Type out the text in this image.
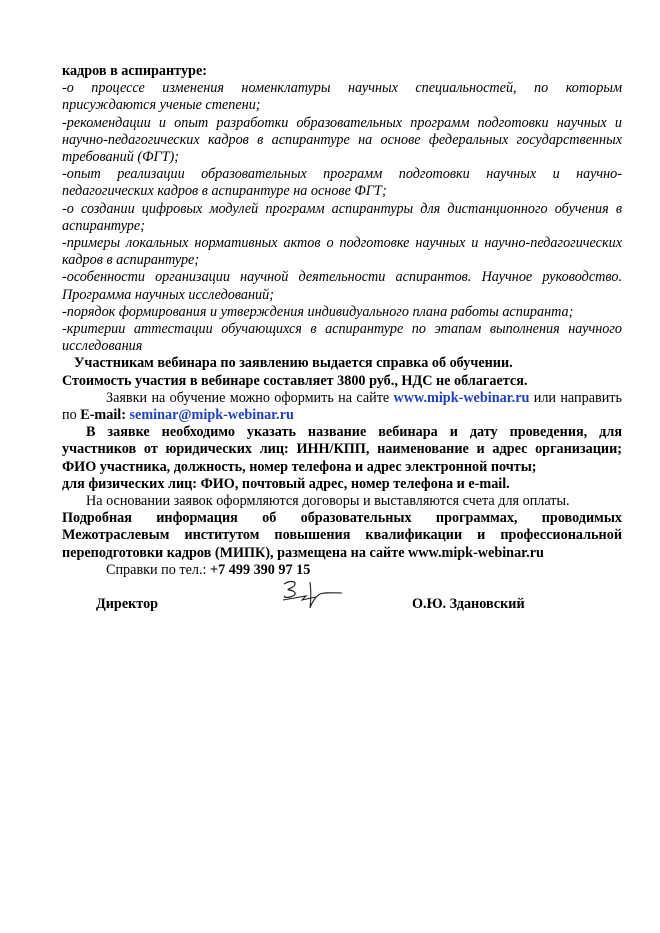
кадров в аспирантуре:

-о процессе изменения номенклатуры научных специальностей, по которым присуждаются ученые степени;

-рекомендации и опыт разработки образовательных программ подготовки научных и научно-педагогических кадров в аспирантуре на основе федеральных государственных требований (ФГТ);

-опыт реализации образовательных программ подготовки научных и научно-педагогических кадров в аспирантуре на основе ФГТ;

-о создании цифровых модулей программ аспирантуры для дистанционного обучения в аспирантуре;

-примеры локальных нормативных актов о подготовке научных и научно-педагогических кадров в аспирантуре;

-особенности организации научной деятельности аспирантов. Научное руководство. Программа научных исследований;

-порядок формирования и утверждения индивидуального плана работы аспиранта;

-критерии аттестации обучающихся в аспирантуре по этапам выполнения научного исследования

Участникам вебинара по заявлению выдается справка об обучении.

Стоимость участия в вебинаре составляет 3800 руб., НДС не облагается.

Заявки на обучение можно оформить на сайте www.mipk-webinar.ru или направить по E-mail: seminar@mipk-webinar.ru

В заявке необходимо указать название вебинара и дату проведения, для участников от юридических лиц: ИНН/КПП, наименование и адрес организации; ФИО участника, должность, номер телефона и адрес электронной почты;

для физических лиц: ФИО, почтовый адрес, номер телефона и e-mail.

На основании заявок оформляются договоры и выставляются счета для оплаты.

Подробная информация об образовательных программах, проводимых Межотраслевым институтом повышения квалификации и профессиональной переподготовки кадров (МИПК), размещена на сайте www.mipk-webinar.ru

Справки по тел.: +7 499 390 97 15

Директор	О.Ю. Здановский
